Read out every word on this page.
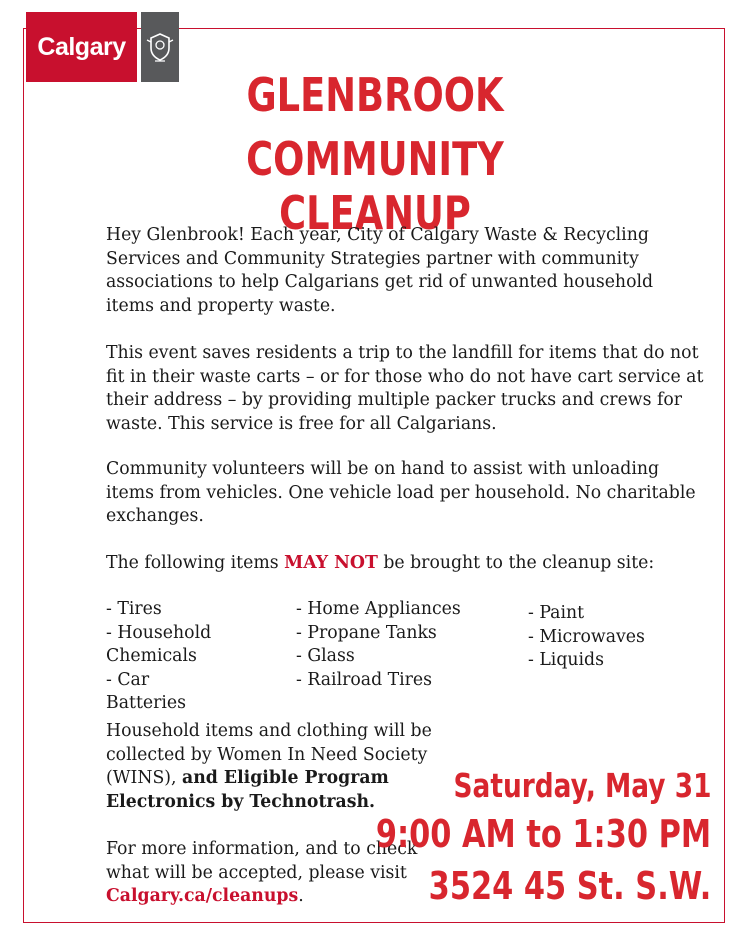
Calgary
GLENBROOK
COMMUNITY CLEANUP

Hey Glenbrook! Each year, City of Calgary Waste & Recycling Services and Community Strategies partner with community associations to help Calgarians get rid of unwanted household items and property waste.

This event saves residents a trip to the landfill for items that do not fit in their waste carts – or for those who do not have cart service at their address – by providing multiple packer trucks and crews for waste. This service is free for all Calgarians.

Community volunteers will be on hand to assist with unloading items from vehicles. One vehicle load per household. No charitable exchanges.

The following items MAY NOT be brought to the cleanup site:

- Tires
- Household Chemicals
- Car Batteries
- Home Appliances
- Propane Tanks
- Glass
- Railroad Tires
- Paint
- Microwaves
- Liquids

Household items and clothing will be collected by Women In Need Society (WINS), and Eligible Program Electronics by Technotrash.

For more information, and to check what will be accepted, please visit Calgary.ca/cleanups.

Saturday, May 31
9:00 AM to 1:30 PM
3524 45 St. S.W.
